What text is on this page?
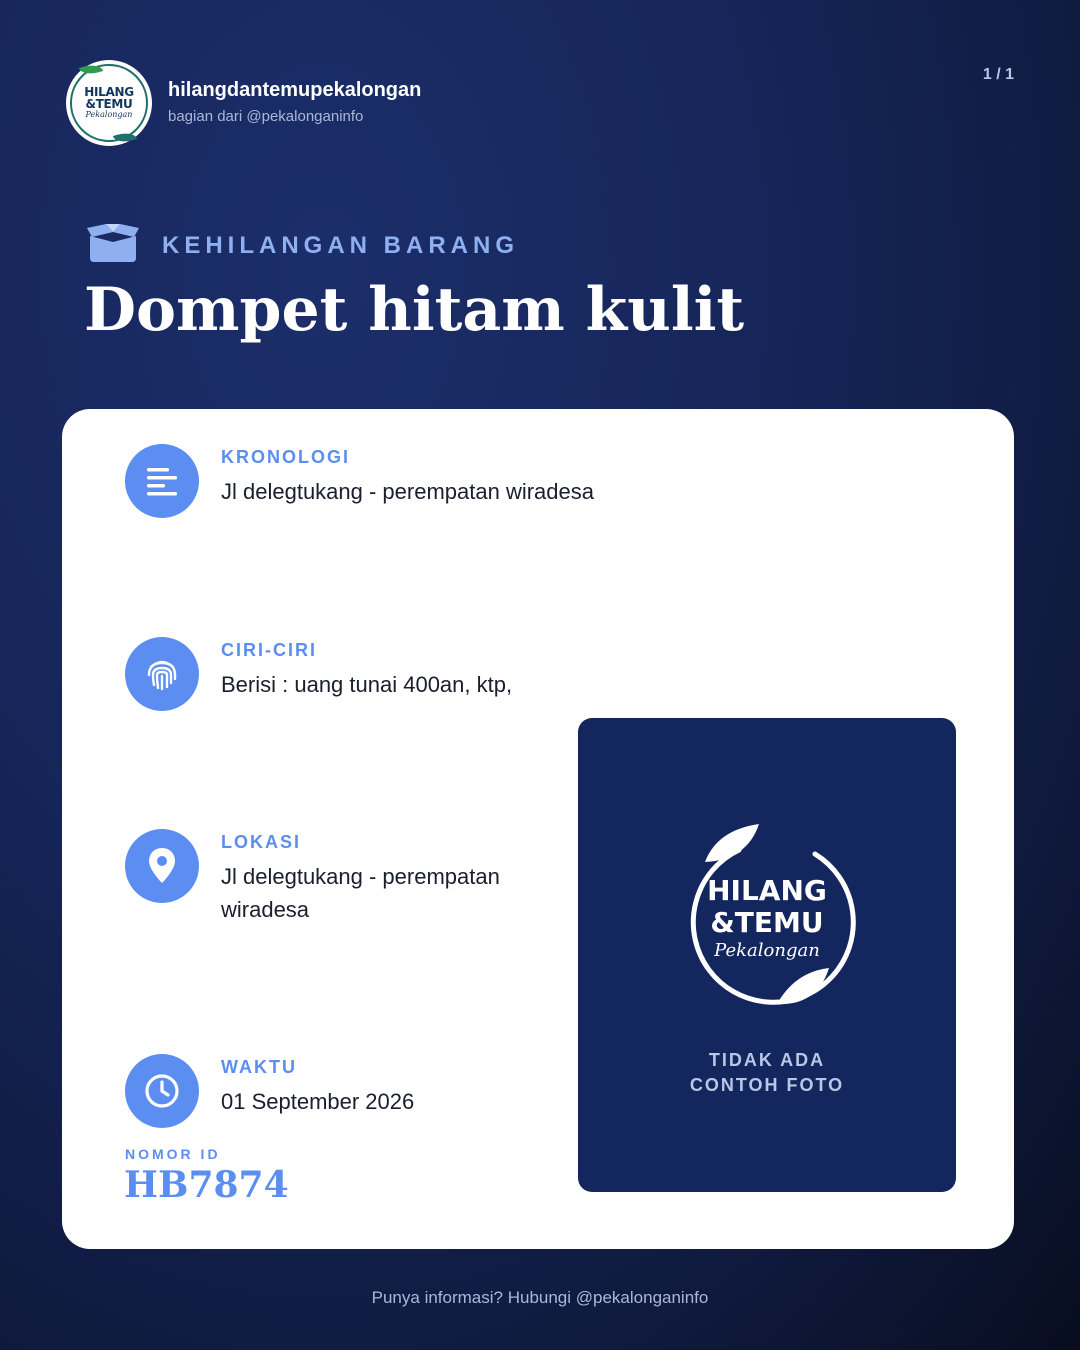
HILANG
&TEMU
Pekalongan
hilangdantemupekalongan
bagian dari @pekalonganinfo
1 / 1
KEHILANGAN BARANG
Dompet hitam kulit
KRONOLOGI
Jl delegtukang - perempatan wiradesa
CIRI-CIRI
Berisi : uang tunai 400an, ktp,
LOKASI
Jl delegtukang - perempatan wiradesa
WAKTU
01 September 2026
NOMOR ID
HB7874
HILANG
&TEMU
Pekalongan
TIDAK ADA
CONTOH FOTO
Punya informasi? Hubungi @pekalonganinfo
